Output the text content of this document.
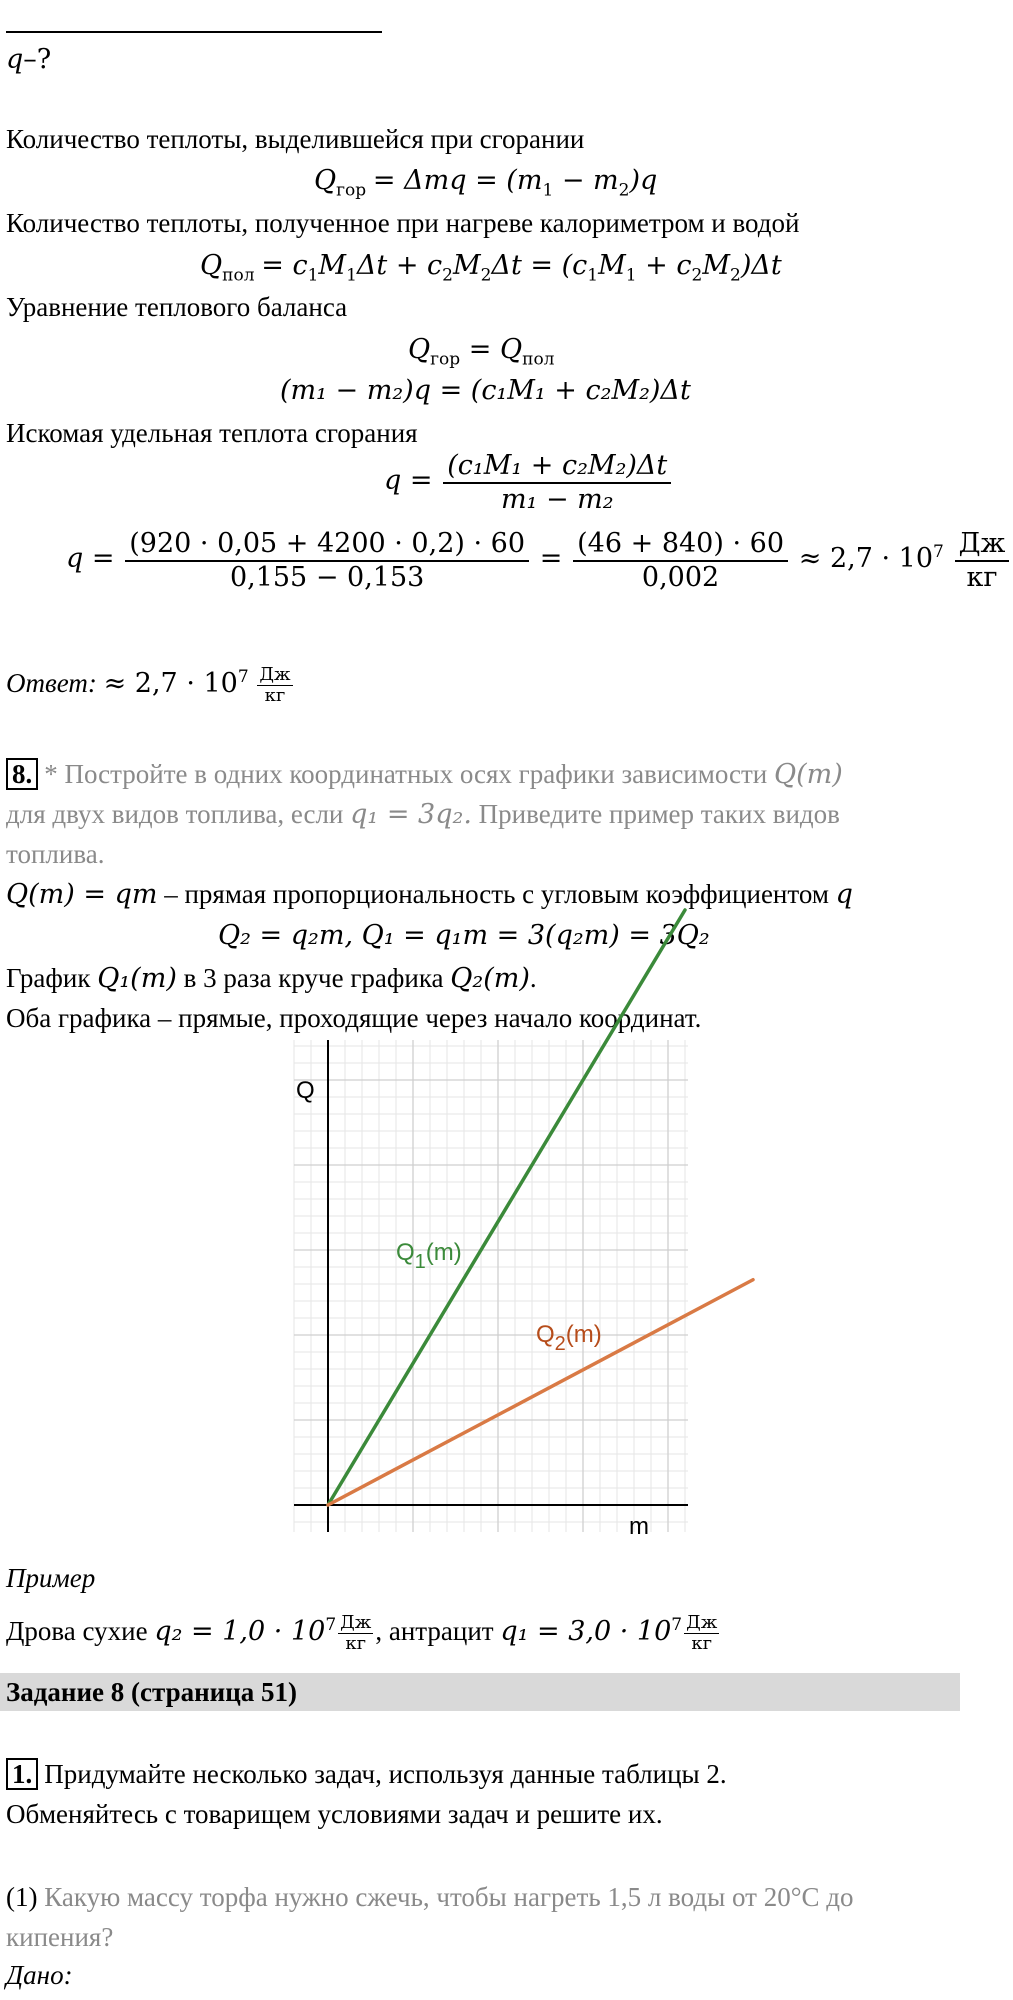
q–?
Количество теплоты, выделившейся при сгорании
$Q_{гор} = \Delta mq = (m_1 - m_2)q$
Количество теплоты, полученное при нагреве калориметром и водой
$Q_{пол} = c_1M_1\Delta t + c_2M_2\Delta t = (c_1M_1 + c_2M_2)\Delta t$
Уравнение теплового баланса
$Q_{гор} = Q_{пол}$
(m₁ − m₂)q = (c₁M₁ + c₂M₂)Δt
Искомая удельная теплота сгорания
$q = \frac{\text{(c₁M₁ + c₂M₂)Δt}}{\text{m₁ − m₂}}$
$q = \frac{(920 \cdot 0,05 + 4200 \cdot 0,2) \cdot 60}{0,155 - 0,153} = \frac{(46 + 840) \cdot 60}{0,002} \approx 2,7 \cdot 10^7 \frac{Дж}{кг}$
Ответ: ≈ $2,7 \cdot 10^7 \frac{Дж}{кг}$
8. * Постройте в одних координатных осях графики зависимости Q(m)
для двух видов топлива, если q₁ = 3q₂. Приведите пример таких видов
топлива.
Q(m) = qm – прямая пропорциональность с угловым коэффициентом q
Q₂ = q₂m, Q₁ = q₁m = 3(q₂m) = 3Q₂
График Q₁(m) в 3 раза круче графика Q₂(m).
Оба графика – прямые, проходящие через начало координат.
Q
m
$Q_1(m)$
$Q_2(m)$
Пример
Дрова сухие $q_2 = 1,0 \cdot 10^7 \frac{Дж}{кг}$ , антрацит $q_1 = 3,0 \cdot 10^7 \frac{Дж}{кг}$
Задание 8 (страница 51)
1. Придумайте несколько задач, используя данные таблицы 2.
Обменяйтесь с товарищем условиями задач и решите их.
(1) Какую массу торфа нужно сжечь, чтобы нагреть 1,5 л воды от 20°С до
кипения?
Дано:
